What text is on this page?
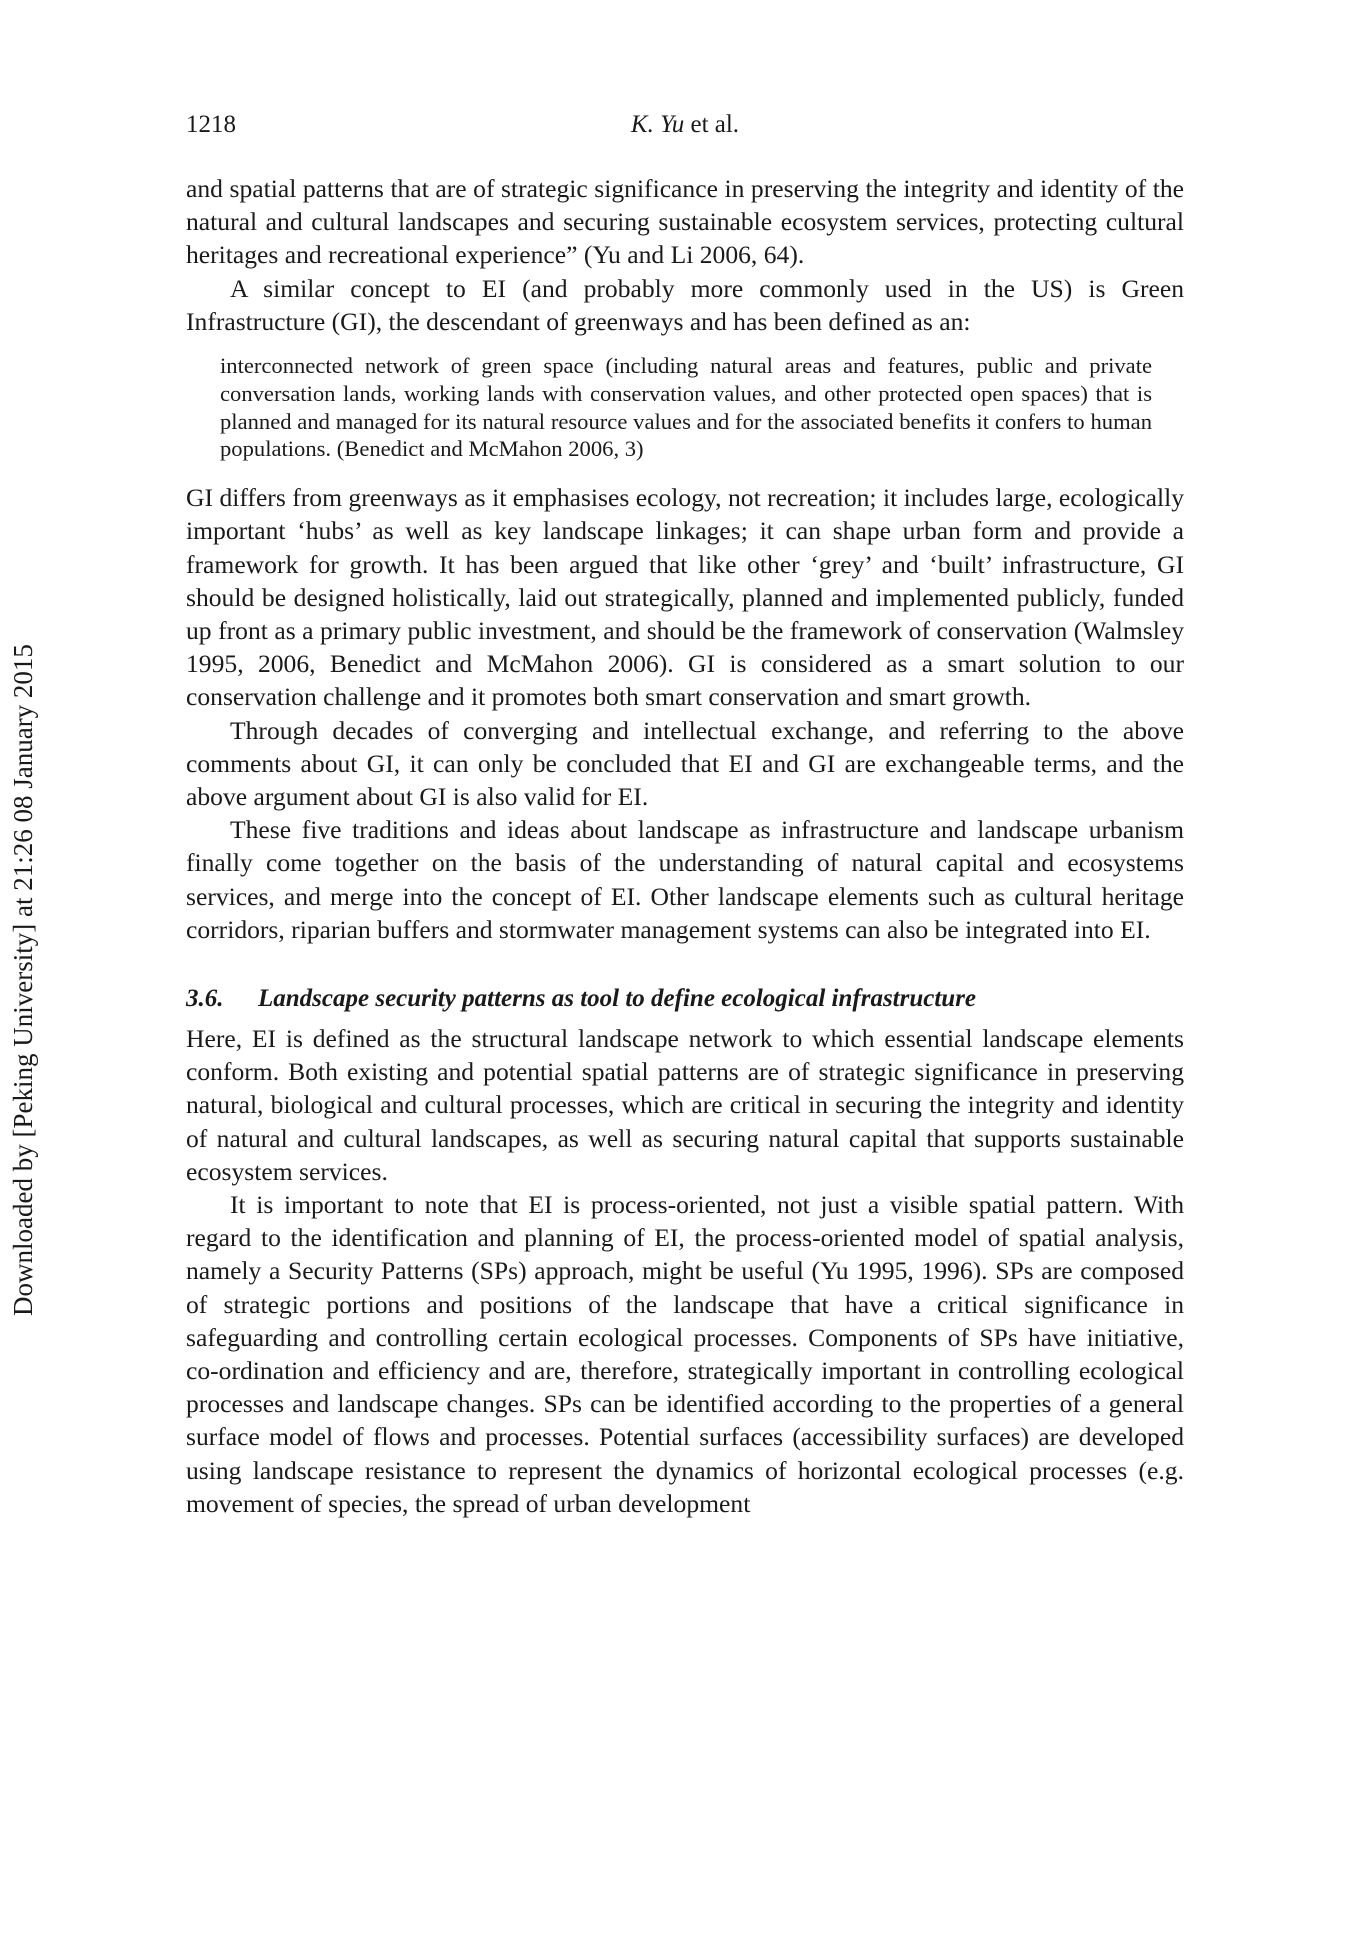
1218	K. Yu et al.
Downloaded by [Peking University] at 21:26 08 January 2015

and spatial patterns that are of strategic significance in preserving the integrity and identity of the natural and cultural landscapes and securing sustainable ecosystem services, protecting cultural heritages and recreational experience” (Yu and Li 2006, 64).

A similar concept to EI (and probably more commonly used in the US) is Green Infrastructure (GI), the descendant of greenways and has been defined as an:

interconnected network of green space (including natural areas and features, public and private conversation lands, working lands with conservation values, and other protected open spaces) that is planned and managed for its natural resource values and for the associated benefits it confers to human populations. (Benedict and McMahon 2006, 3)

GI differs from greenways as it emphasises ecology, not recreation; it includes large, ecologically important ‘hubs’ as well as key landscape linkages; it can shape urban form and provide a framework for growth. It has been argued that like other ‘grey’ and ‘built’ infrastructure, GI should be designed holistically, laid out strategically, planned and implemented publicly, funded up front as a primary public investment, and should be the framework of conservation (Walmsley 1995, 2006, Benedict and McMahon 2006). GI is considered as a smart solution to our conservation challenge and it promotes both smart conservation and smart growth.

Through decades of converging and intellectual exchange, and referring to the above comments about GI, it can only be concluded that EI and GI are exchangeable terms, and the above argument about GI is also valid for EI.

These five traditions and ideas about landscape as infrastructure and landscape urbanism finally come together on the basis of the understanding of natural capital and ecosystems services, and merge into the concept of EI. Other landscape elements such as cultural heritage corridors, riparian buffers and stormwater management systems can also be integrated into EI.

3.6. Landscape security patterns as tool to define ecological infrastructure

Here, EI is defined as the structural landscape network to which essential landscape elements conform. Both existing and potential spatial patterns are of strategic significance in preserving natural, biological and cultural processes, which are critical in securing the integrity and identity of natural and cultural landscapes, as well as securing natural capital that supports sustainable ecosystem services.

It is important to note that EI is process-oriented, not just a visible spatial pattern. With regard to the identification and planning of EI, the process-oriented model of spatial analysis, namely a Security Patterns (SPs) approach, might be useful (Yu 1995, 1996). SPs are composed of strategic portions and positions of the landscape that have a critical significance in safeguarding and controlling certain ecological processes. Components of SPs have initiative, co-ordination and efficiency and are, therefore, strategically important in controlling ecological processes and landscape changes. SPs can be identified according to the properties of a general surface model of flows and processes. Potential surfaces (accessibility surfaces) are developed using landscape resistance to represent the dynamics of horizontal ecological processes (e.g. movement of species, the spread of urban development
